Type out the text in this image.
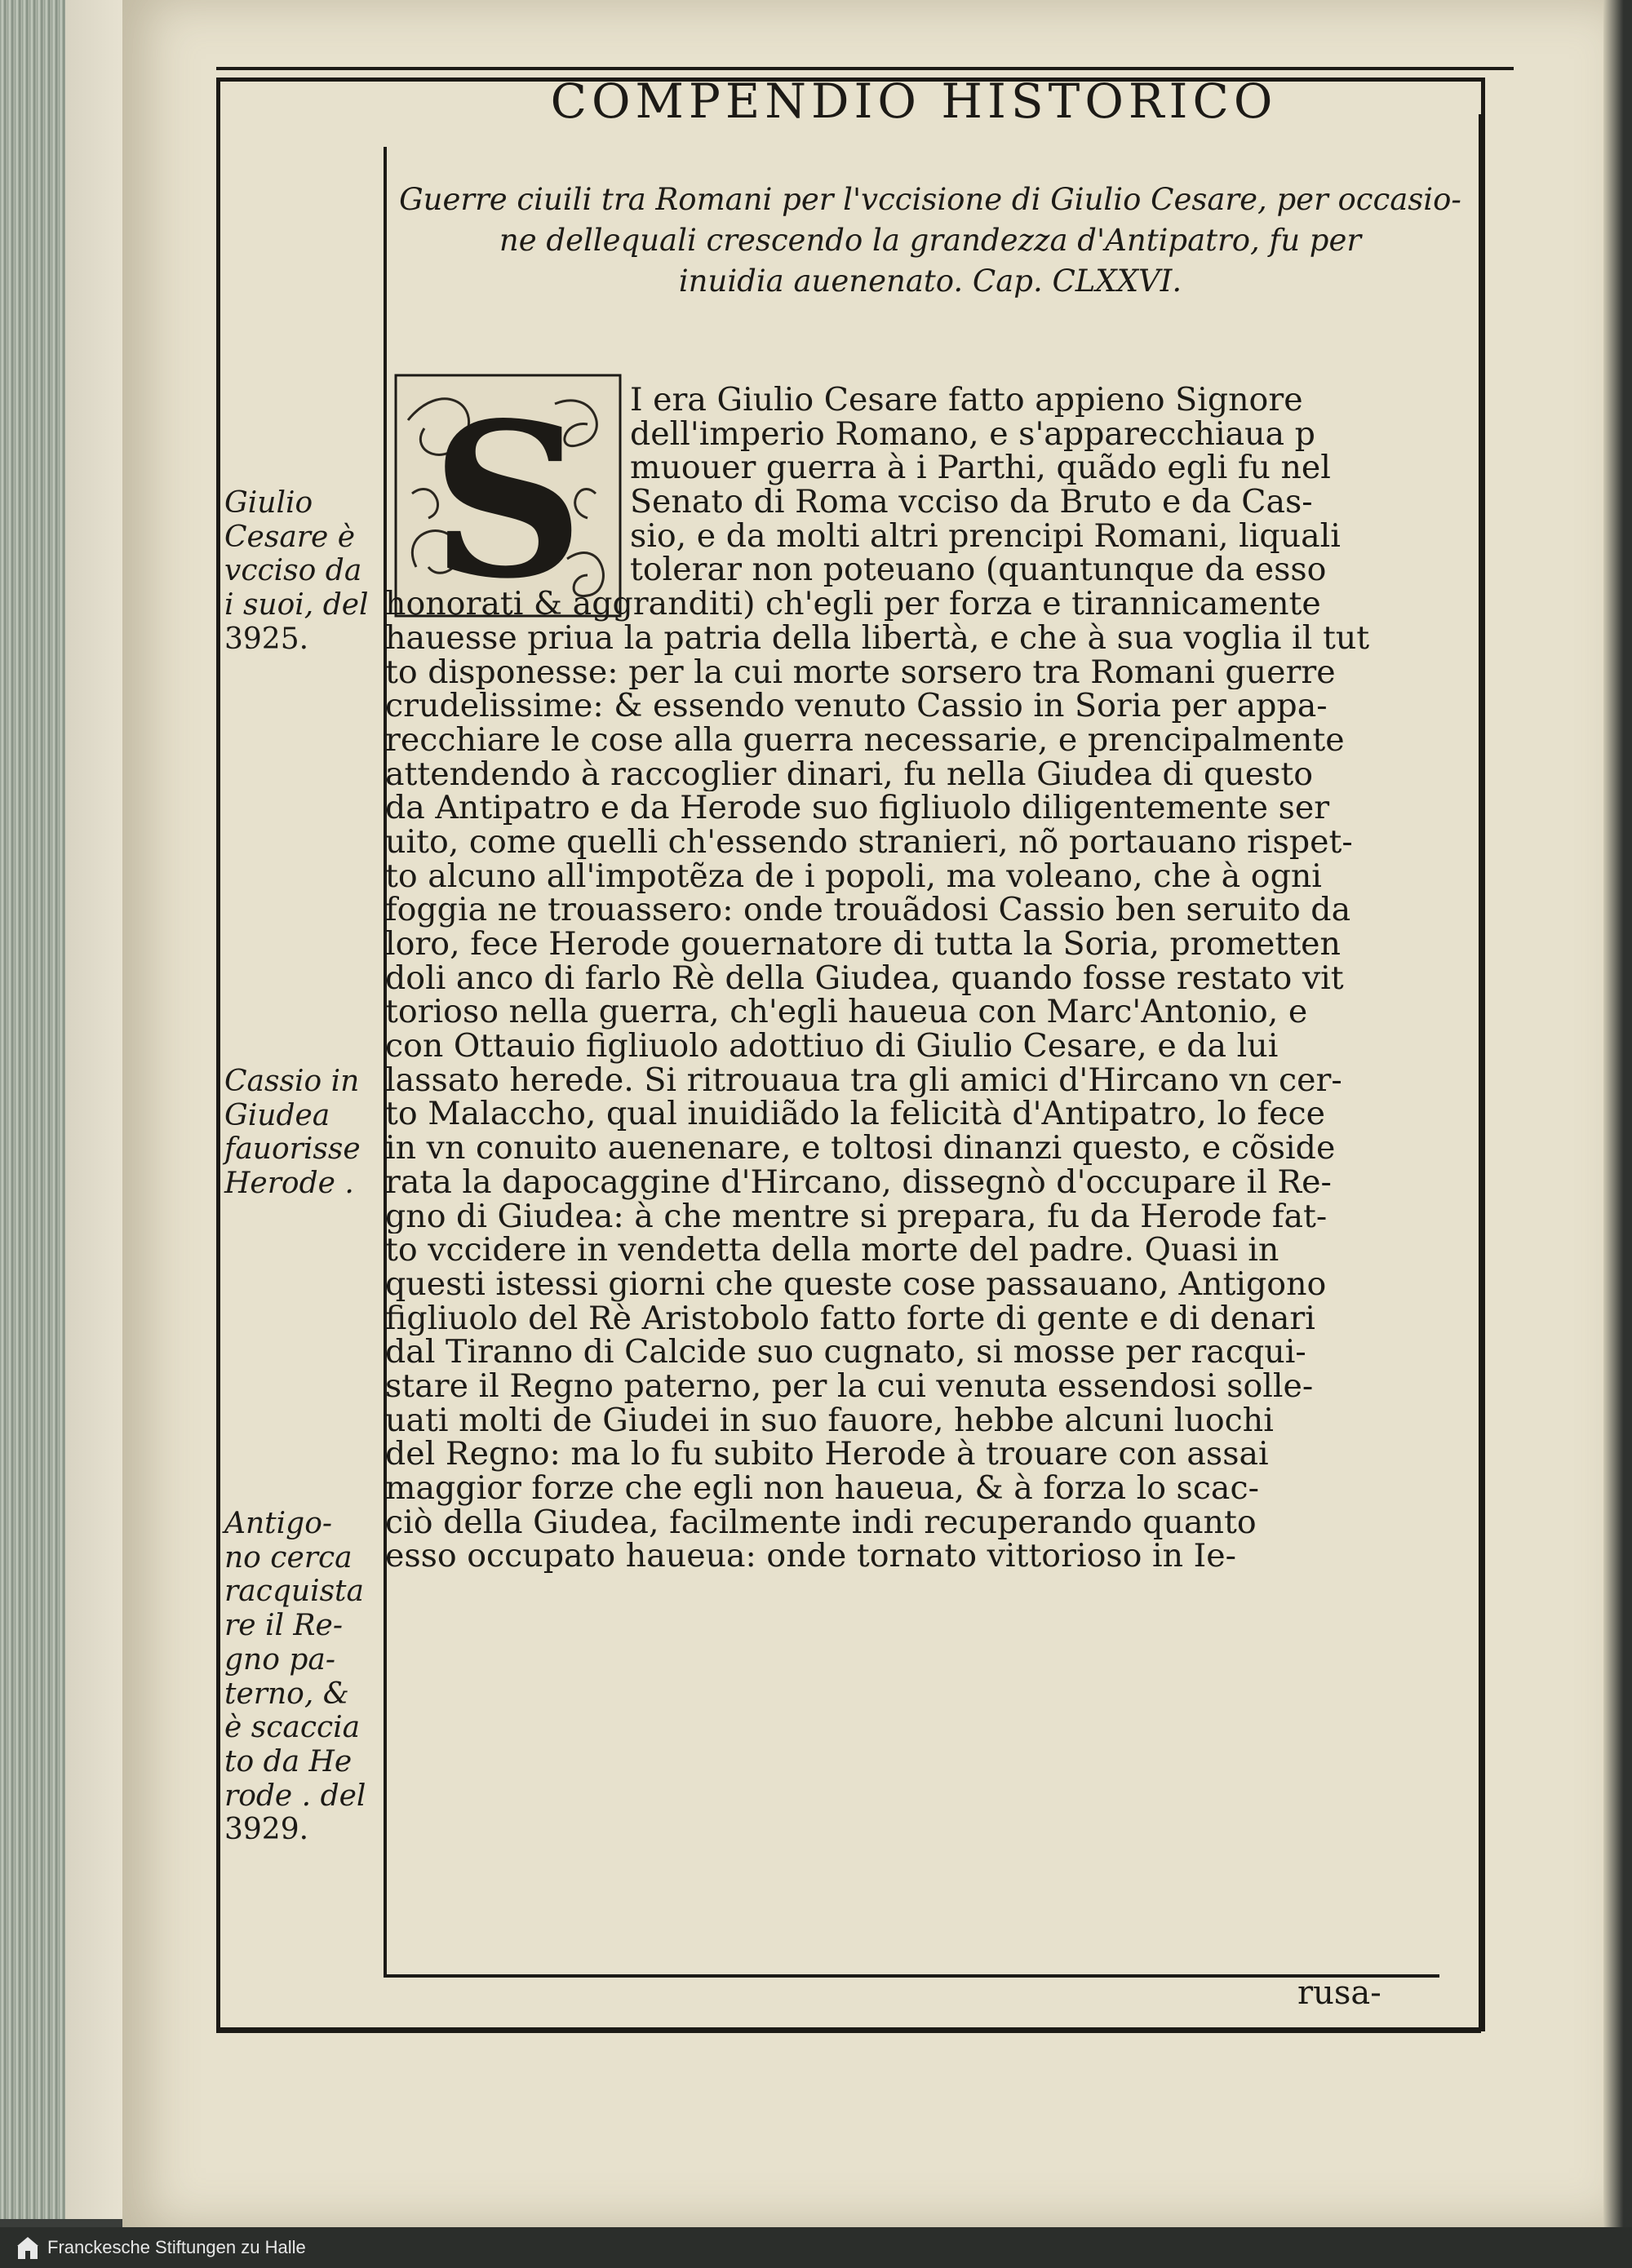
COMPENDIO HISTORICO
Guerre ciuili tra Romani per l'vccisione di Giulio Cesare, per occasio-
ne dellequali crescendo la grandezza d'Antipatro, fu per
inuidia auenenato. Cap. CLXXVI.
S	I era Giulio Cesare fatto appieno Signore
dell'imperio Romano, e s'apparecchiaua p
muouer guerra à i Parthi, quãdo egli fu nel
Senato di Roma vcciso da Bruto e da Cas-
sio, e da molti altri prencipi Romani, liquali
tolerar non poteuano (quantunque da esso
honorati & aggranditi) ch'egli per forza e tirannicamente
hauesse priua la patria della libertà, e che à sua voglia il tut
to disponesse: per la cui morte sorsero tra Romani guerre
crudelissime: & essendo venuto Cassio in Soria per appa-
recchiare le cose alla guerra necessarie, e prencipalmente
attendendo à raccoglier dinari, fu nella Giudea di questo
da Antipatro e da Herode suo figliuolo diligentemente ser
uito, come quelli ch'essendo stranieri, nõ portauano rispet-
to alcuno all'impotẽza de i popoli, ma voleano, che à ogni
foggia ne trouassero: onde trouãdosi Cassio ben seruito da
loro, fece Herode gouernatore di tutta la Soria, prometten
doli anco di farlo Rè della Giudea, quando fosse restato vit
torioso nella guerra, ch'egli haueua con Marc'Antonio, e
con Ottauio figliuolo adottiuo di Giulio Cesare, e da lui
lassato herede. Si ritrouaua tra gli amici d'Hircano vn cer-
to Malaccho, qual inuidiãdo la felicità d'Antipatro, lo fece
in vn conuito auenenare, e toltosi dinanzi questo, e cõside
rata la dapocaggine d'Hircano, dissegnò d'occupare il Re-
gno di Giudea: à che mentre si prepara, fu da Herode fat-
to vccidere in vendetta della morte del padre. Quasi in
questi istessi giorni che queste cose passauano, Antigono
figliuolo del Rè Aristobolo fatto forte di gente e di denari
dal Tiranno di Calcide suo cugnato, si mosse per racqui-
stare il Regno paterno, per la cui venuta essendosi solle-
uati molti de Giudei in suo fauore, hebbe alcuni luochi
del Regno: ma lo fu subito Herode à trouare con assai
maggior forze che egli non haueua, & à forza lo scac-
ciò della Giudea, facilmente indi recuperando quanto
esso occupato haueua: onde tornato vittorioso in Ie-
Giulio
Cesare è
vcciso da
i suoi, del
3925.
Cassio in
Giudea
fauorisse
Herode .
Antigo-
no cerca
racquista
re il Re-
gno pa-
terno, &
è scaccia
to da He
rode . del
3929.
rusa-
Franckesche Stiftungen zu Halle
